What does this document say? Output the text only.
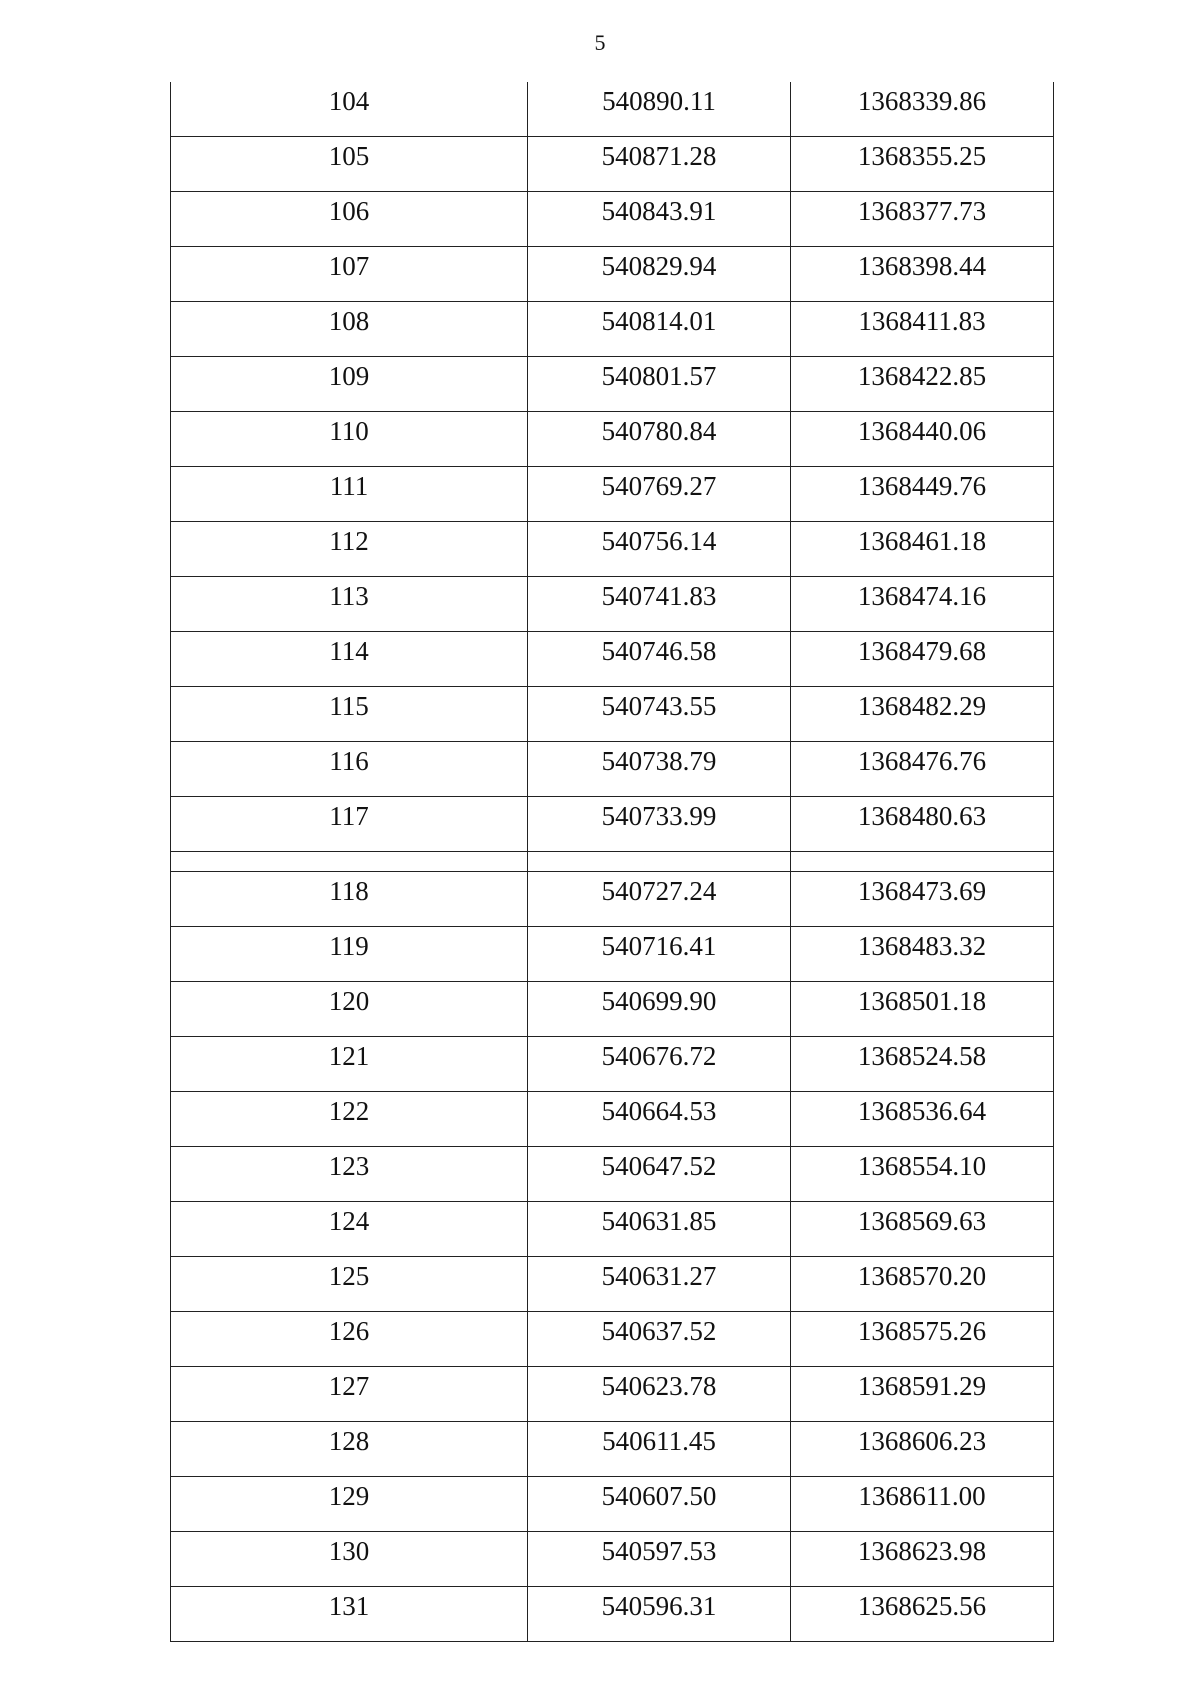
5
104	540890.11	1368339.86
105	540871.28	1368355.25
106	540843.91	1368377.73
107	540829.94	1368398.44
108	540814.01	1368411.83
109	540801.57	1368422.85
110	540780.84	1368440.06
111	540769.27	1368449.76
112	540756.14	1368461.18
113	540741.83	1368474.16
114	540746.58	1368479.68
115	540743.55	1368482.29
116	540738.79	1368476.76
117	540733.99	1368480.63

118	540727.24	1368473.69
119	540716.41	1368483.32
120	540699.90	1368501.18
121	540676.72	1368524.58
122	540664.53	1368536.64
123	540647.52	1368554.10
124	540631.85	1368569.63
125	540631.27	1368570.20
126	540637.52	1368575.26
127	540623.78	1368591.29
128	540611.45	1368606.23
129	540607.50	1368611.00
130	540597.53	1368623.98
131	540596.31	1368625.56
